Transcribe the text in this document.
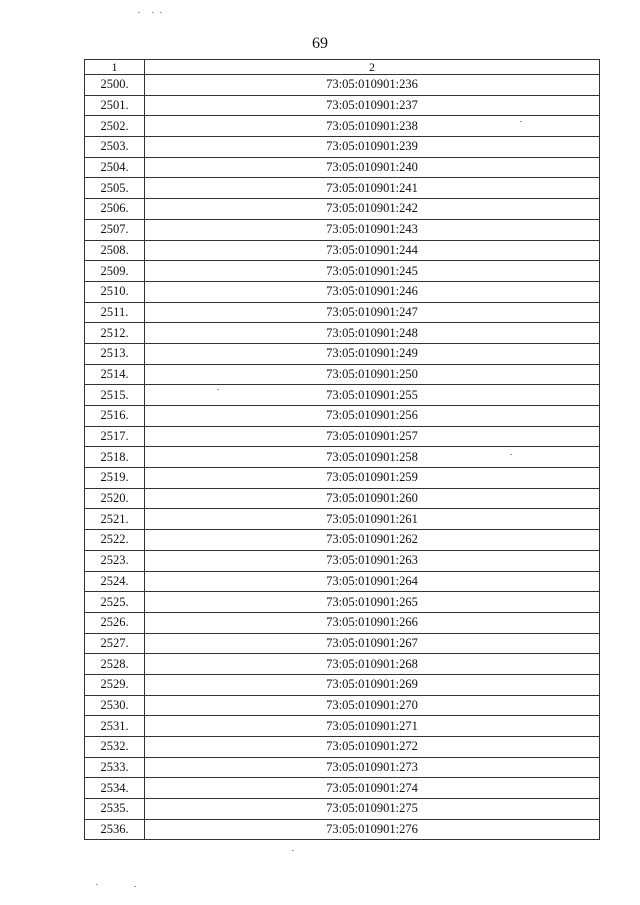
69
1	2
2500.	73:05:010901:236
2501.	73:05:010901:237
2502.	73:05:010901:238
2503.	73:05:010901:239
2504.	73:05:010901:240
2505.	73:05:010901:241
2506.	73:05:010901:242
2507.	73:05:010901:243
2508.	73:05:010901:244
2509.	73:05:010901:245
2510.	73:05:010901:246
2511.	73:05:010901:247
2512.	73:05:010901:248
2513.	73:05:010901:249
2514.	73:05:010901:250
2515.	73:05:010901:255
2516.	73:05:010901:256
2517.	73:05:010901:257
2518.	73:05:010901:258
2519.	73:05:010901:259
2520.	73:05:010901:260
2521.	73:05:010901:261
2522.	73:05:010901:262
2523.	73:05:010901:263
2524.	73:05:010901:264
2525.	73:05:010901:265
2526.	73:05:010901:266
2527.	73:05:010901:267
2528.	73:05:010901:268
2529.	73:05:010901:269
2530.	73:05:010901:270
2531.	73:05:010901:271
2532.	73:05:010901:272
2533.	73:05:010901:273
2534.	73:05:010901:274
2535.	73:05:010901:275
2536.	73:05:010901:276
